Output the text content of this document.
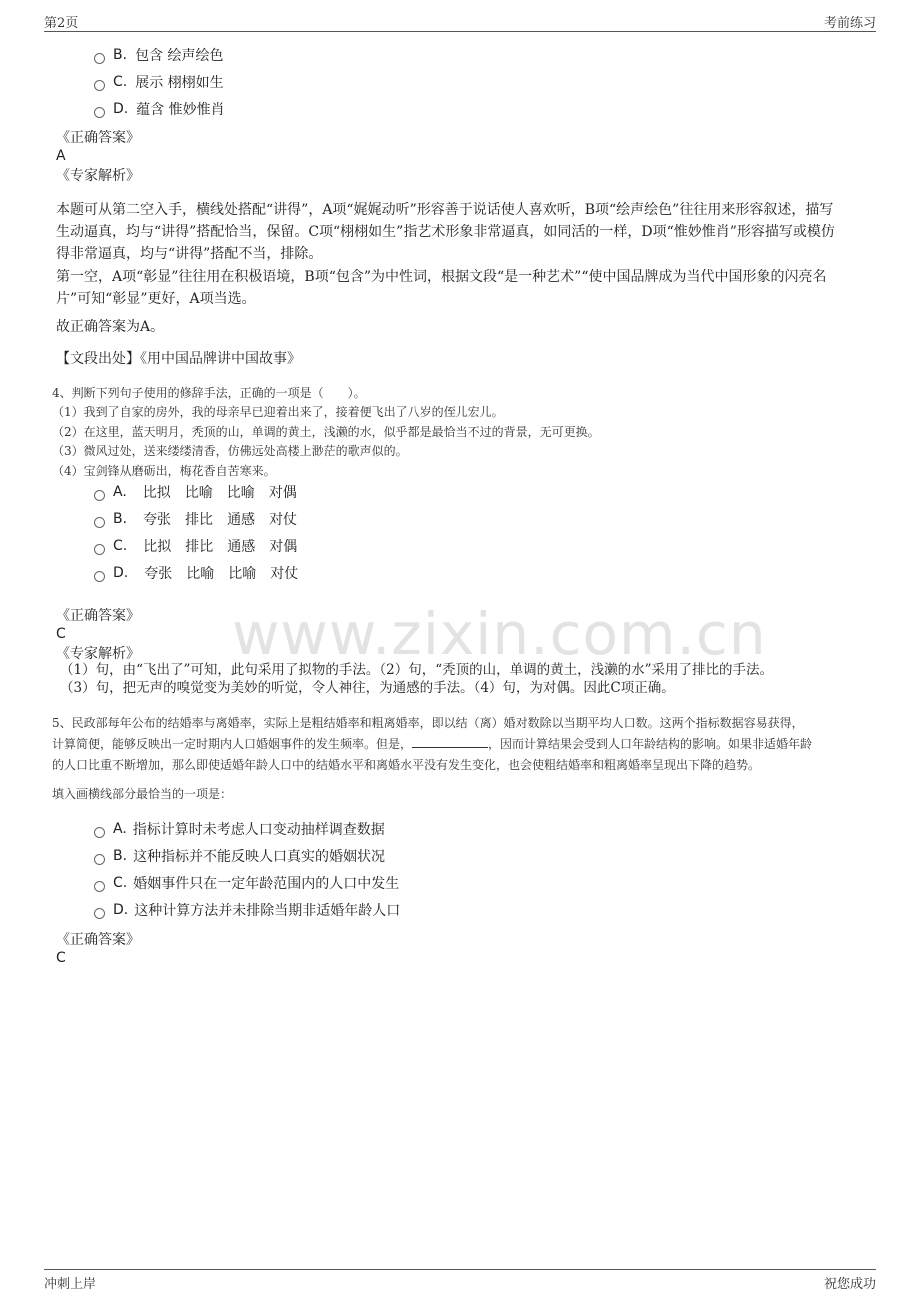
第2页	考前练习
www.zixin.com.cn
B. 包含 绘声绘色
C. 展示 栩栩如生
D. 蕴含 惟妙惟肖
《正确答案》
A
《专家解析》
本题可从第二空入手，横线处搭配“讲得”，A项“娓娓动听”形容善于说话使人喜欢听，B项“绘声绘色”往往用来形容叙述，描写
生动逼真，均与“讲得”搭配恰当，保留。C项“栩栩如生”指艺术形象非常逼真，如同活的一样，D项“惟妙惟肖”形容描写或模仿
得非常逼真，均与“讲得”搭配不当，排除。
第一空，A项“彰显”往往用在积极语境，B项“包含”为中性词，根据文段“是一种艺术”“使中国品牌成为当代中国形象的闪亮名
片”可知“彰显”更好，A项当选。
故正确答案为A。
【文段出处】《用中国品牌讲中国故事》
4、判断下列句子使用的修辞手法，正确的一项是（　　）。
（1）我到了自家的房外，我的母亲早已迎着出来了，接着便飞出了八岁的侄儿宏儿。
（2）在这里，蓝天明月，秃顶的山，单调的黄土，浅濑的水，似乎都是最恰当不过的背景，无可更换。
（3）微风过处，送来缕缕清香，仿佛远处高楼上渺茫的歌声似的。
（4）宝剑锋从磨砺出，梅花香自苦寒来。
A. 比拟 比喻 比喻 对偶
B. 夸张 排比 通感 对仗
C. 比拟 排比 通感 对偶
D. 夸张 比喻 比喻 对仗
《正确答案》
C
《专家解析》
（1）句，由“飞出了”可知，此句采用了拟物的手法。（2）句，“秃顶的山，单调的黄土，浅濑的水”采用了排比的手法。
（3）句，把无声的嗅觉变为美妙的听觉，令人神往，为通感的手法。（4）句，为对偶。因此C项正确。
5、民政部每年公布的结婚率与离婚率，实际上是粗结婚率和粗离婚率，即以结（离）婚对数除以当期平均人口数。这两个指标数据容易获得，
计算简便，能够反映出一定时期内人口婚姻事件的发生频率。但是，	，因而计算结果会受到人口年龄结构的影响。如果非适婚年龄
的人口比重不断增加，那么即使适婚年龄人口中的结婚水平和离婚水平没有发生变化，也会使粗结婚率和粗离婚率呈现出下降的趋势。
填入画横线部分最恰当的一项是：
A. 指标计算时未考虑人口变动抽样调查数据
B. 这种指标并不能反映人口真实的婚姻状况
C. 婚姻事件只在一定年龄范围内的人口中发生
D. 这种计算方法并未排除当期非适婚年龄人口
《正确答案》
C
冲刺上岸	祝您成功
